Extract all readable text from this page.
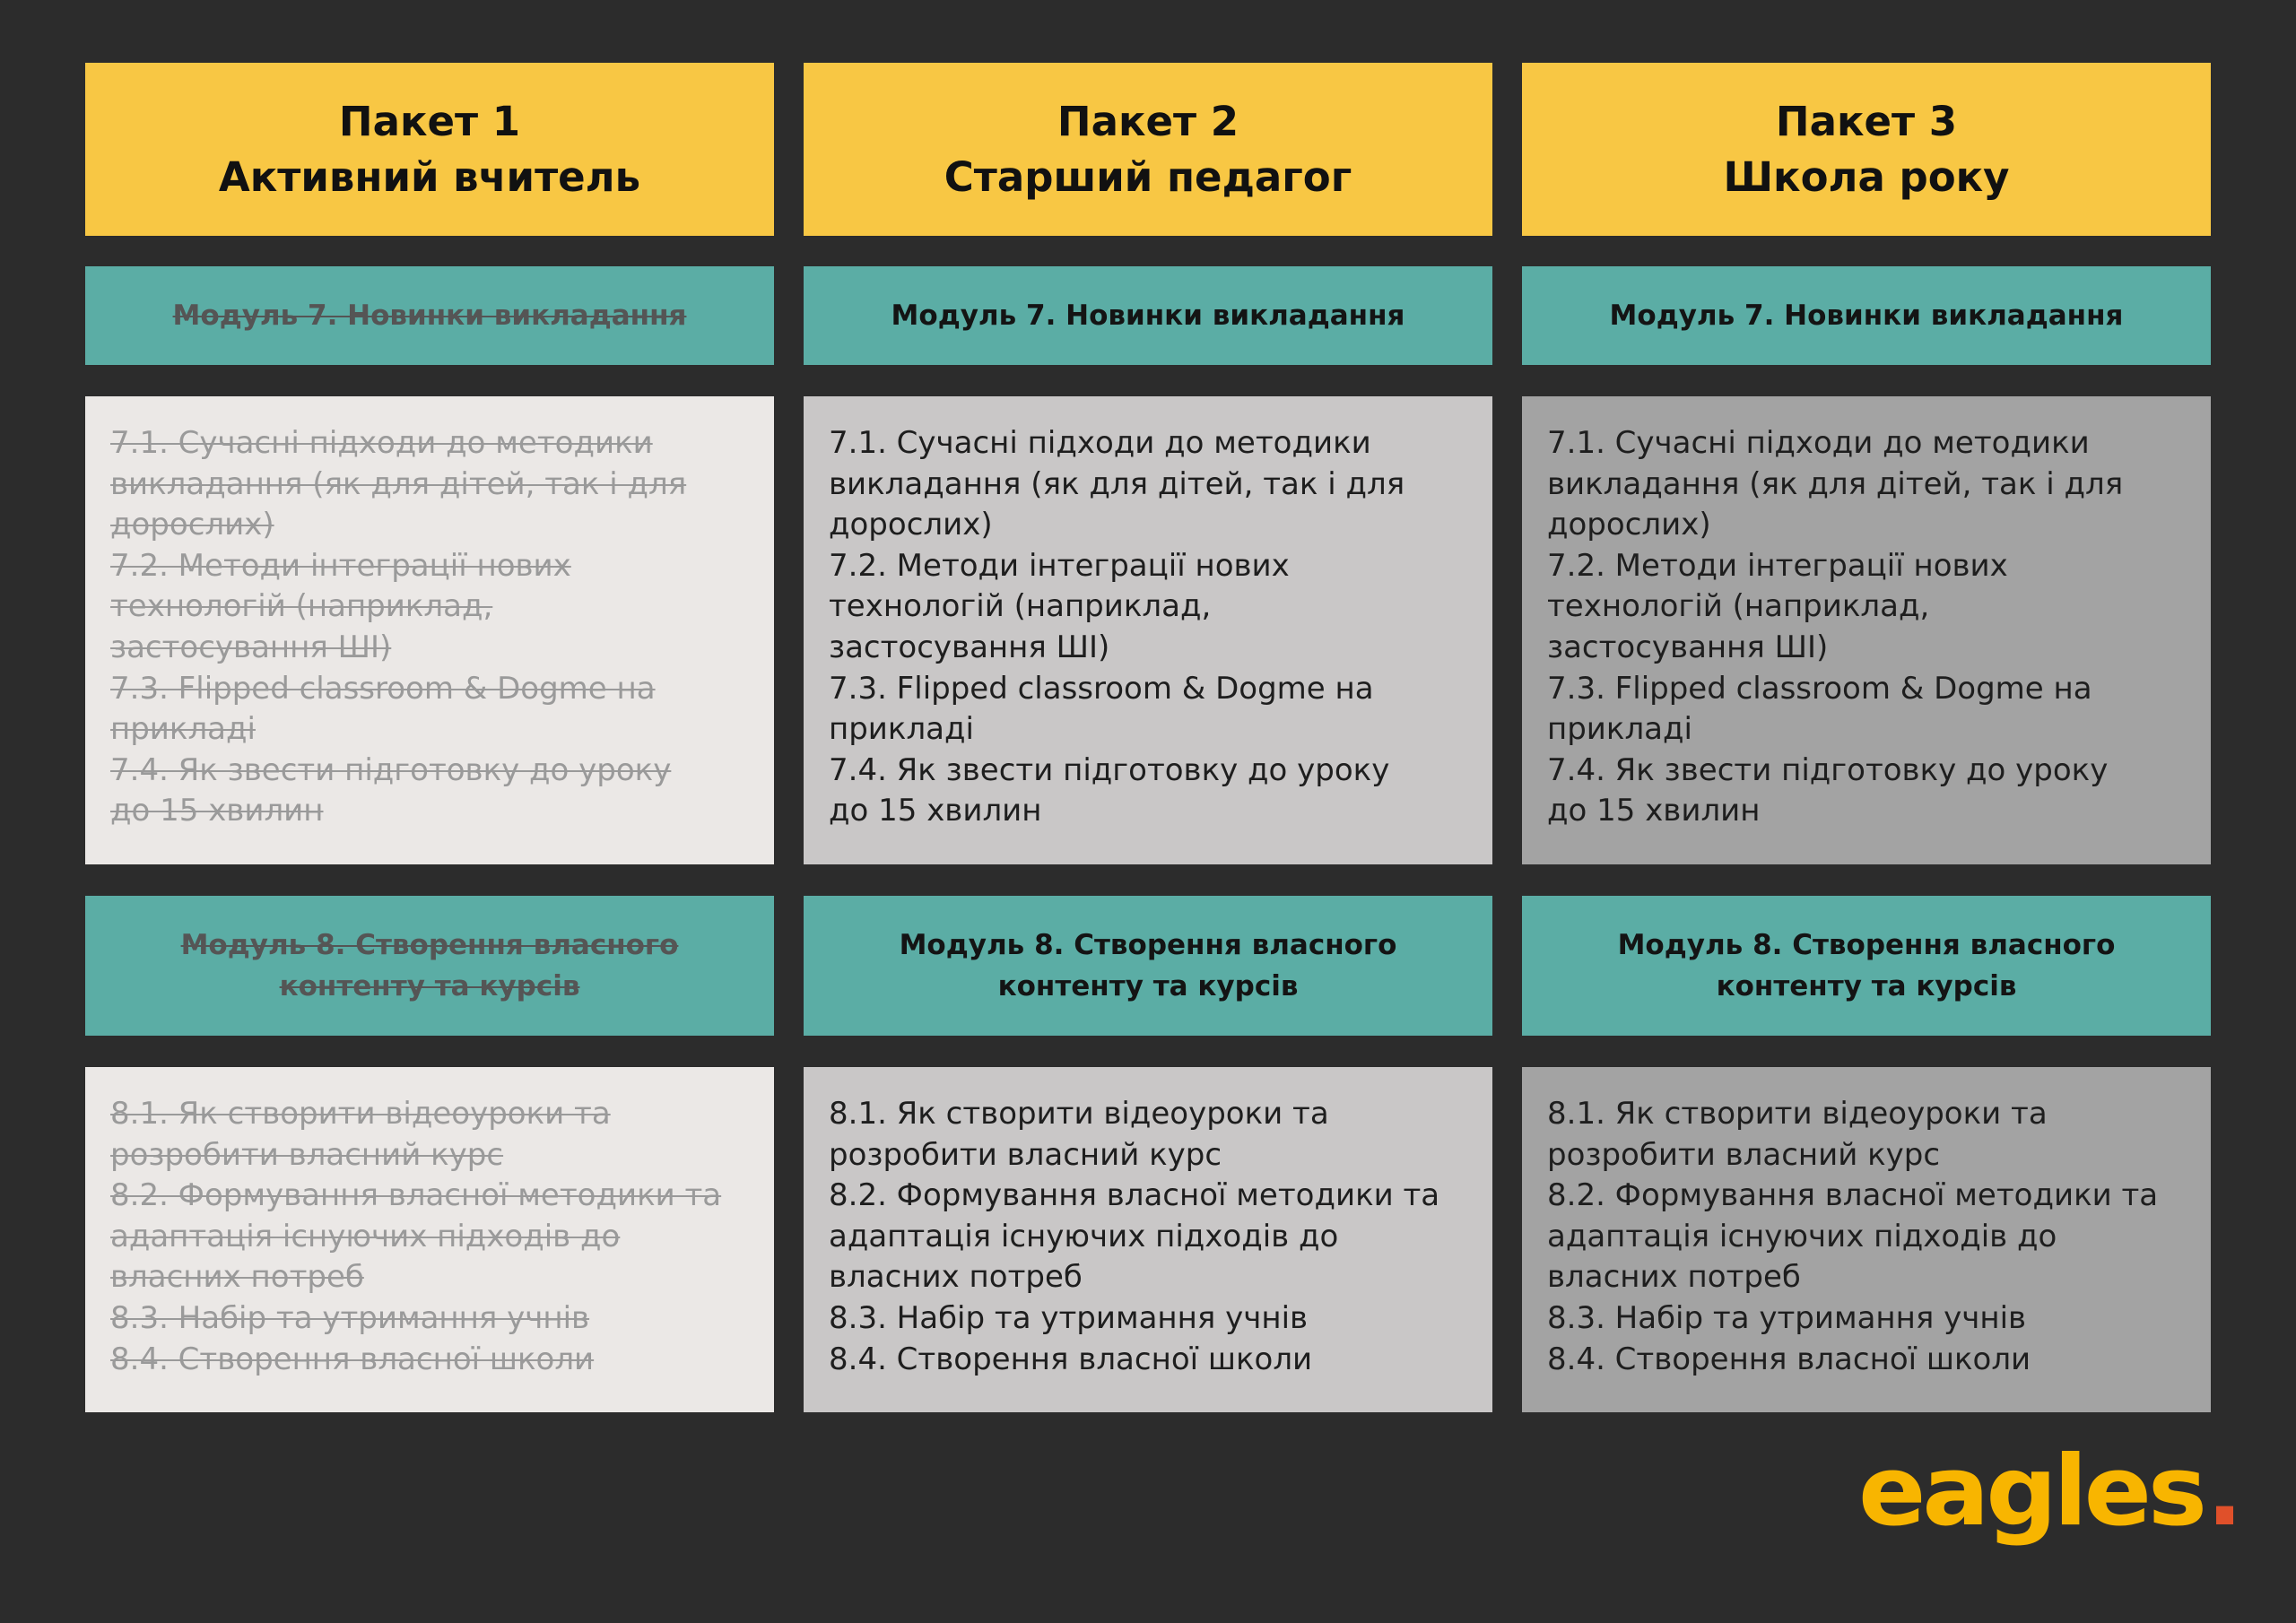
Пакет 1
Активний вчитель
Модуль 7. Новинки викладання
7.1. Сучасні підходи до методики
викладання (як для дітей, так і для
дорослих)
7.2. Методи інтеграції нових
технологій (наприклад,
застосування ШІ)
7.3. Flipped classroom & Dogme на
прикладі
7.4. Як звести підготовку до уроку
до 15 хвилин
Модуль 8. Створення власного
контенту та курсів
8.1. Як створити відеоуроки та
розробити власний курс
8.2. Формування власної методики та
адаптація існуючих підходів до
власних потреб
8.3. Набір та утримання учнів
8.4. Створення власної школи
Пакет 2
Старший педагог
Модуль 7. Новинки викладання
7.1. Сучасні підходи до методики
викладання (як для дітей, так і для
дорослих)
7.2. Методи інтеграції нових
технологій (наприклад,
застосування ШІ)
7.3. Flipped classroom & Dogme на
прикладі
7.4. Як звести підготовку до уроку
до 15 хвилин
Модуль 8. Створення власного
контенту та курсів
8.1. Як створити відеоуроки та
розробити власний курс
8.2. Формування власної методики та
адаптація існуючих підходів до
власних потреб
8.3. Набір та утримання учнів
8.4. Створення власної школи
Пакет 3
Школа року
Модуль 7. Новинки викладання
7.1. Сучасні підходи до методики
викладання (як для дітей, так і для
дорослих)
7.2. Методи інтеграції нових
технологій (наприклад,
застосування ШІ)
7.3. Flipped classroom & Dogme на
прикладі
7.4. Як звести підготовку до уроку
до 15 хвилин
Модуль 8. Створення власного
контенту та курсів
8.1. Як створити відеоуроки та
розробити власний курс
8.2. Формування власної методики та
адаптація існуючих підходів до
власних потреб
8.3. Набір та утримання учнів
8.4. Створення власної школи
eagles .
